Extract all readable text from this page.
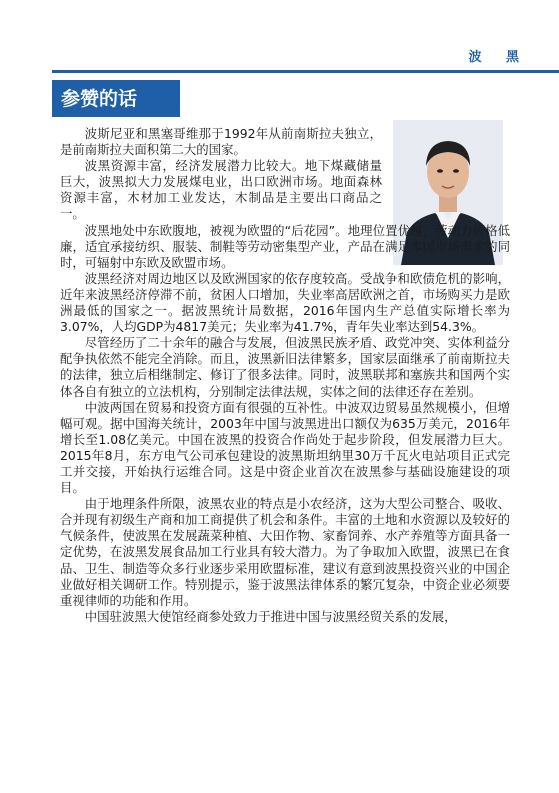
波 黑
参赞的话

波斯尼亚和黑塞哥维那于1992年从前南斯拉夫独立，是前南斯拉夫面积第二大的国家。

波黑资源丰富，经济发展潜力比较大。地下煤藏储量巨大，波黑拟大力发展煤电业，出口欧洲市场。地面森林资源丰富，木材加工业发达，木制品是主要出口商品之一。

波黑地处中东欧腹地，被视为欧盟的“后花园”。地理位置优越，劳动力价格低廉，适宜承接纺织、服装、制鞋等劳动密集型产业，产品在满足本国市场需求的同时，可辐射中东欧及欧盟市场。

波黑经济对周边地区以及欧洲国家的依存度较高。受战争和欧债危机的影响，近年来波黑经济停滞不前，贫困人口增加，失业率高居欧洲之首，市场购买力是欧洲最低的国家之一。据波黑统计局数据，2016年国内生产总值实际增长率为3.07%，人均GDP为4817美元；失业率为41.7%，青年失业率达到54.3%。

尽管经历了二十余年的融合与发展，但波黑民族矛盾、政党冲突、实体利益分配争执依然不能完全消除。而且，波黑新旧法律繁多，国家层面继承了前南斯拉夫的法律，独立后相继制定、修订了很多法律。同时，波黑联邦和塞族共和国两个实体各自有独立的立法机构，分别制定法律法规，实体之间的法律还存在差别。

中波两国在贸易和投资方面有很强的互补性。中波双边贸易虽然规模小，但增幅可观。据中国海关统计，2003年中国与波黑进出口额仅为635万美元，2016年增长至1.08亿美元。中国在波黑的投资合作尚处于起步阶段，但发展潜力巨大。2015年8月，东方电气公司承包建设的波黑斯坦纳里30万千瓦火电站项目正式完工并交接，开始执行运维合同。这是中资企业首次在波黑参与基础设施建设的项目。

由于地理条件所限，波黑农业的特点是小农经济，这为大型公司整合、吸收、合并现有初级生产商和加工商提供了机会和条件。丰富的土地和水资源以及较好的气候条件，使波黑在发展蔬菜种植、大田作物、家畜饲养、水产养殖等方面具备一定优势，在波黑发展食品加工行业具有较大潜力。为了争取加入欧盟，波黑已在食品、卫生、制造等众多行业逐步采用欧盟标准，建议有意到波黑投资兴业的中国企业做好相关调研工作。特别提示，鉴于波黑法律体系的繁冗复杂，中资企业必须要重视律师的功能和作用。

中国驻波黑大使馆经商参处致力于推进中国与波黑经贸关系的发展，
